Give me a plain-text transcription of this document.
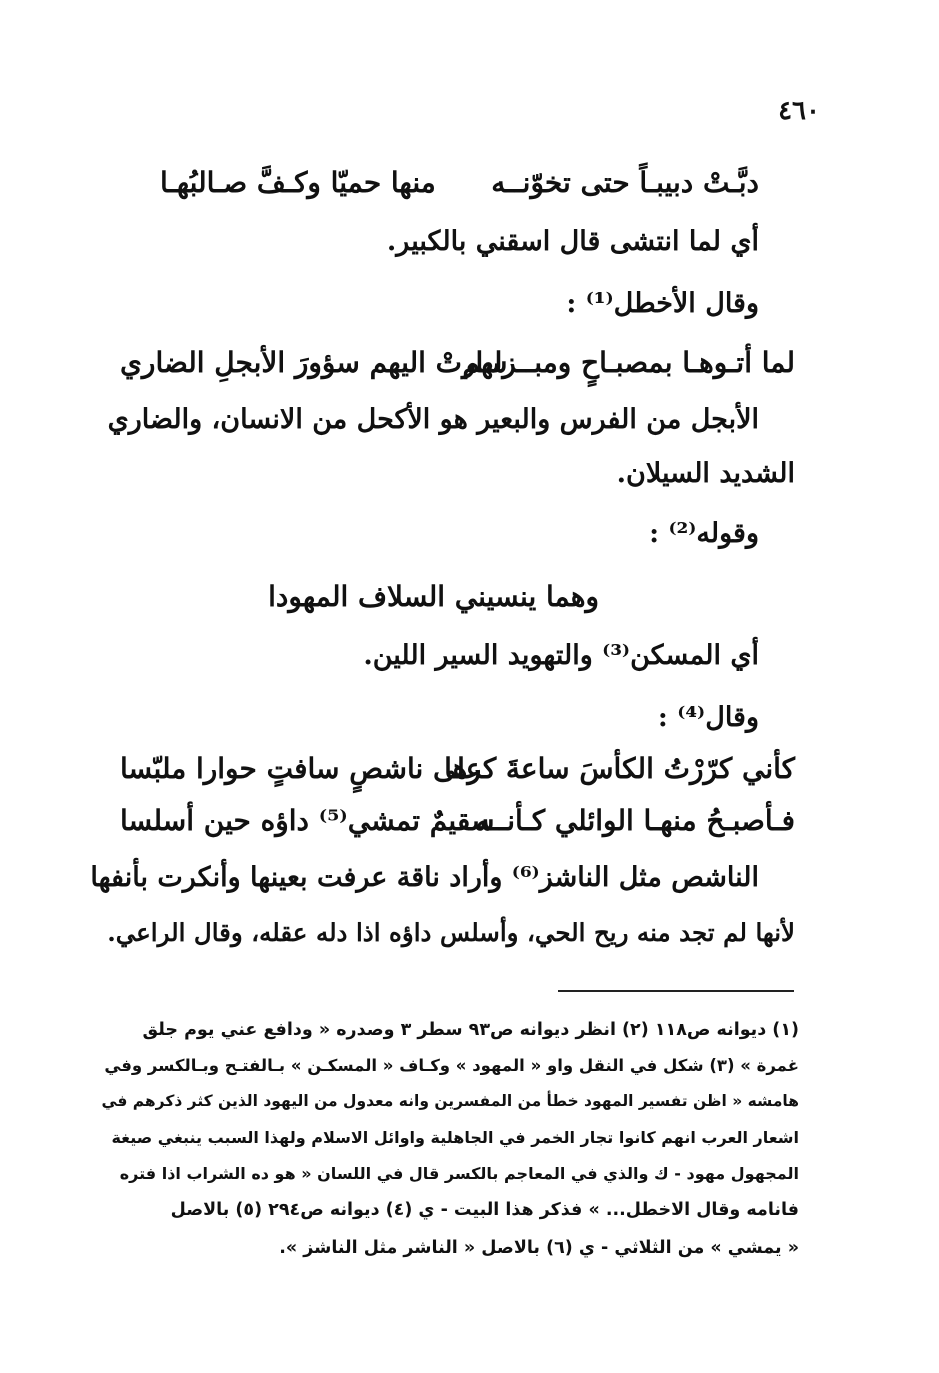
٤٦٠
دبَّـتْ دبيبـاً حتى تخوّنــه
منها حميّا وكـفَّ صـالبُهـا
أي لما انتشى قال اسقني بالكبير.
وقال الأخطل⁽¹⁾ :
لما أتـوهـا بمصبـاحٍ ومبــزلهم
سارتْ اليهم سؤورَ الأبجلِ الضاري
الأبجل من الفرس والبعير هو الأكحل من الانسان، والضاري
الشديد السيلان.
وقوله⁽²⁾ :
وهما ينسيني السلاف المهودا
أي المسكن⁽³⁾ والتهويد السير اللين.
وقال⁽⁴⁾ :
كأني كرّرْتُ الكأسَ ساعةَ كرها
على ناشصٍ سافتٍ حوارا ملبّسا
فـأصبـحُ منهـا الوائلي كـأنــه
سقيمٌ تمشي⁽⁵⁾ داؤه حين أسلسا
الناشص مثل الناشز⁽⁶⁾ وأراد ناقة عرفت بعينها وأنكرت بأنفها
لأنها لم تجد منه ريح الحي، وأسلس داؤه اذا دله عقله، وقال الراعي.
(١) ديوانه ص١١٨ (٢) انظر ديوانه ص٩٣ سطر ٣ وصدره « ودافع عني يوم جلق
غمرة » (٣) شكل في النقل واو « المهود » وكـاف « المسكـن » بـالفتـح وبـالكسر وفي
هامشه « اظن تفسير المهود خطأ من المفسرين وانه معدول من اليهود الذين كثر ذكرهم في
اشعار العرب انهم كانوا تجار الخمر في الجاهلية واوائل الاسلام ولهذا السبب ينبغي صيغة
المجهول مهود - ك والذي في المعاجم بالكسر قال في اللسان « هو ده الشراب اذا فتره
فانامه وقال الاخطل... » فذكر هذا البيت - ي (٤) ديوانه ص٢٩٤ (٥) بالاصل
« يمشي » من الثلاثي - ي (٦) بالاصل « الناشر مثل الناشز ».
